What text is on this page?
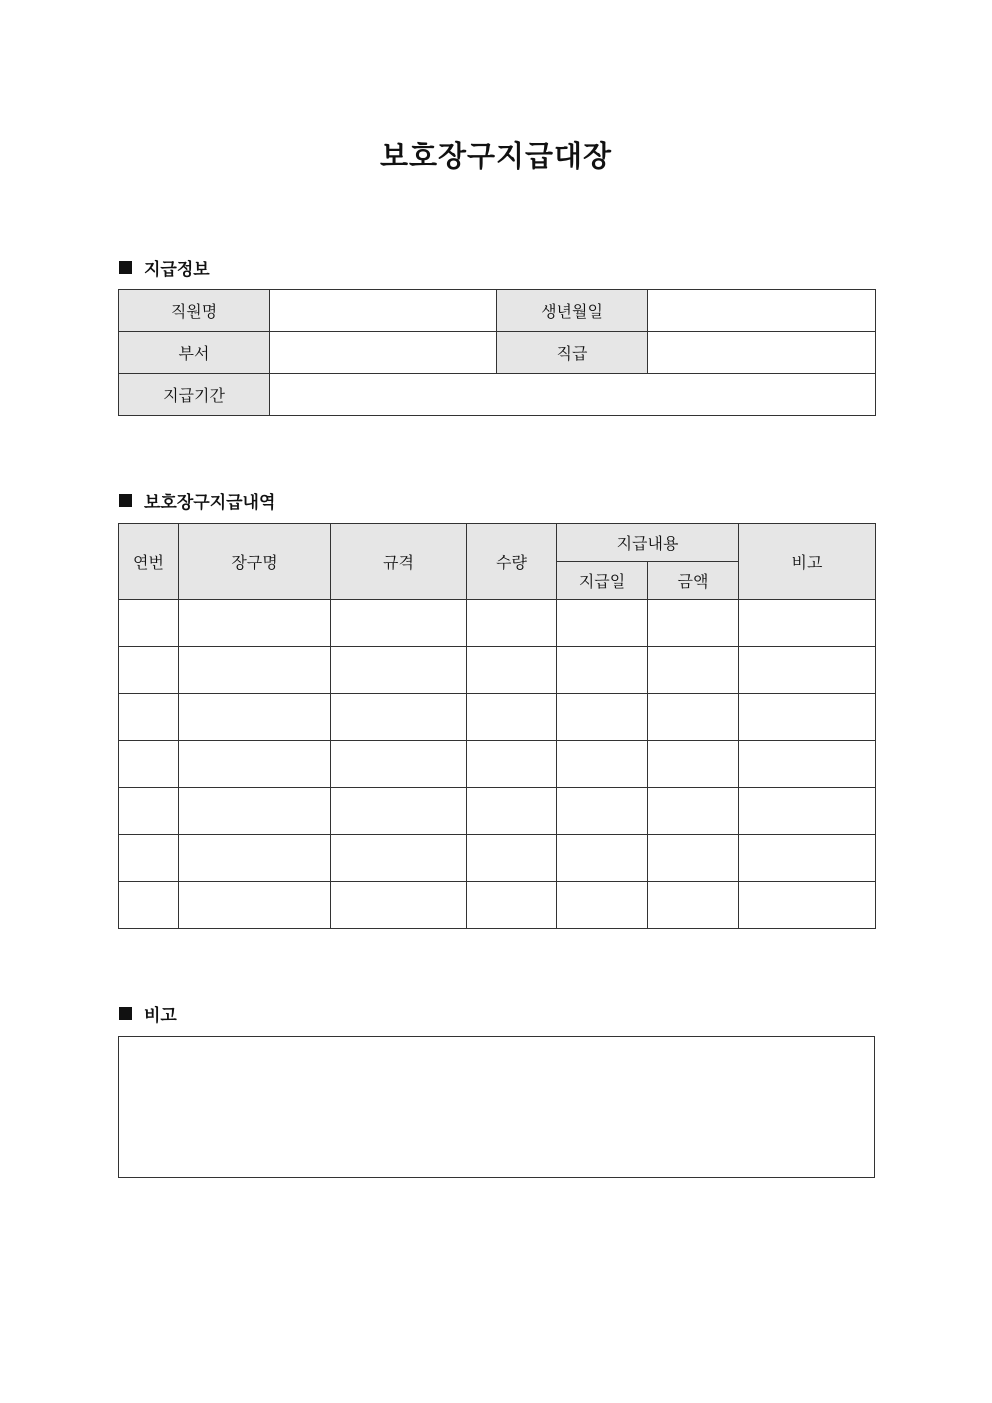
보호장구지급대장
지급정보
직원명		생년월일	
부서		직급	
지급기간			
보호장구지급내역
연번	장구명	규격	수량	지급내용		비고
				지급일	금액	

비고
